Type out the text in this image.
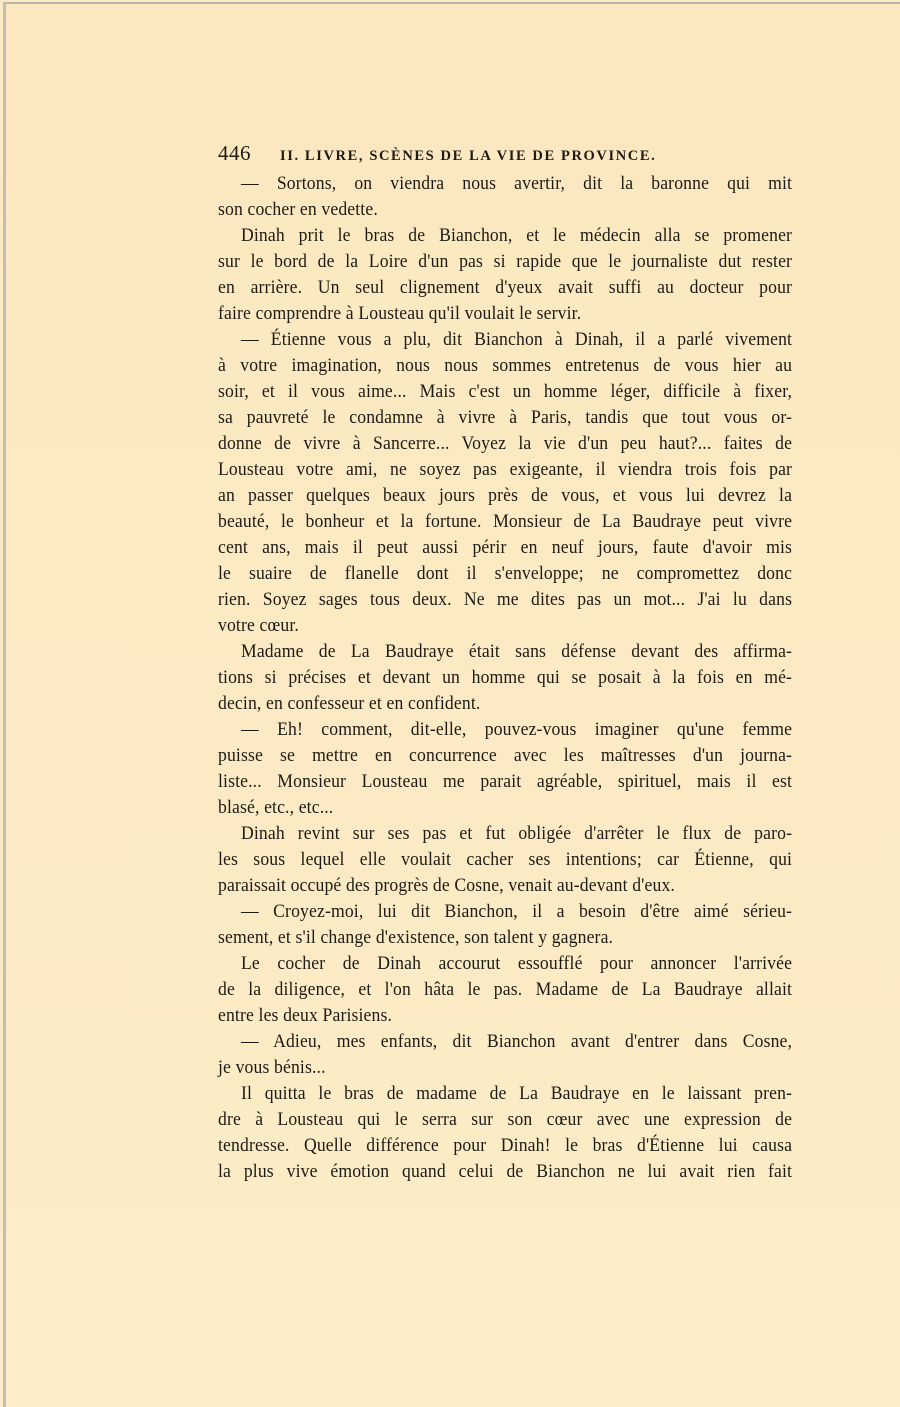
446	II. LIVRE, SCÈNES DE LA VIE DE PROVINCE.

— Sortons, on viendra nous avertir, dit la baronne qui mit
son cocher en vedette.

Dinah prit le bras de Bianchon, et le médecin alla se promener
sur le bord de la Loire d'un pas si rapide que le journaliste dut rester
en arrière. Un seul clignement d'yeux avait suffi au docteur pour
faire comprendre à Lousteau qu'il voulait le servir.

— Étienne vous a plu, dit Bianchon à Dinah, il a parlé vivement
à votre imagination, nous nous sommes entretenus de vous hier au
soir, et il vous aime... Mais c'est un homme léger, difficile à fixer,
sa pauvreté le condamne à vivre à Paris, tandis que tout vous or-
donne de vivre à Sancerre... Voyez la vie d'un peu haut?... faites de
Lousteau votre ami, ne soyez pas exigeante, il viendra trois fois par
an passer quelques beaux jours près de vous, et vous lui devrez la
beauté, le bonheur et la fortune. Monsieur de La Baudraye peut vivre
cent ans, mais il peut aussi périr en neuf jours, faute d'avoir mis
le suaire de flanelle dont il s'enveloppe; ne compromettez donc
rien. Soyez sages tous deux. Ne me dites pas un mot... J'ai lu dans
votre cœur.

Madame de La Baudraye était sans défense devant des affirma-
tions si précises et devant un homme qui se posait à la fois en mé-
decin, en confesseur et en confident.

— Eh! comment, dit-elle, pouvez-vous imaginer qu'une femme
puisse se mettre en concurrence avec les maîtresses d'un journa-
liste... Monsieur Lousteau me parait agréable, spirituel, mais il est
blasé, etc., etc...

Dinah revint sur ses pas et fut obligée d'arrêter le flux de paro-
les sous lequel elle voulait cacher ses intentions; car Étienne, qui
paraissait occupé des progrès de Cosne, venait au-devant d'eux.

— Croyez-moi, lui dit Bianchon, il a besoin d'être aimé sérieu-
sement, et s'il change d'existence, son talent y gagnera.

Le cocher de Dinah accourut essoufflé pour annoncer l'arrivée
de la diligence, et l'on hâta le pas. Madame de La Baudraye allait
entre les deux Parisiens.

— Adieu, mes enfants, dit Bianchon avant d'entrer dans Cosne,
je vous bénis...

Il quitta le bras de madame de La Baudraye en le laissant pren-
dre à Lousteau qui le serra sur son cœur avec une expression de
tendresse. Quelle différence pour Dinah! le bras d'Étienne lui causa
la plus vive émotion quand celui de Bianchon ne lui avait rien fait
